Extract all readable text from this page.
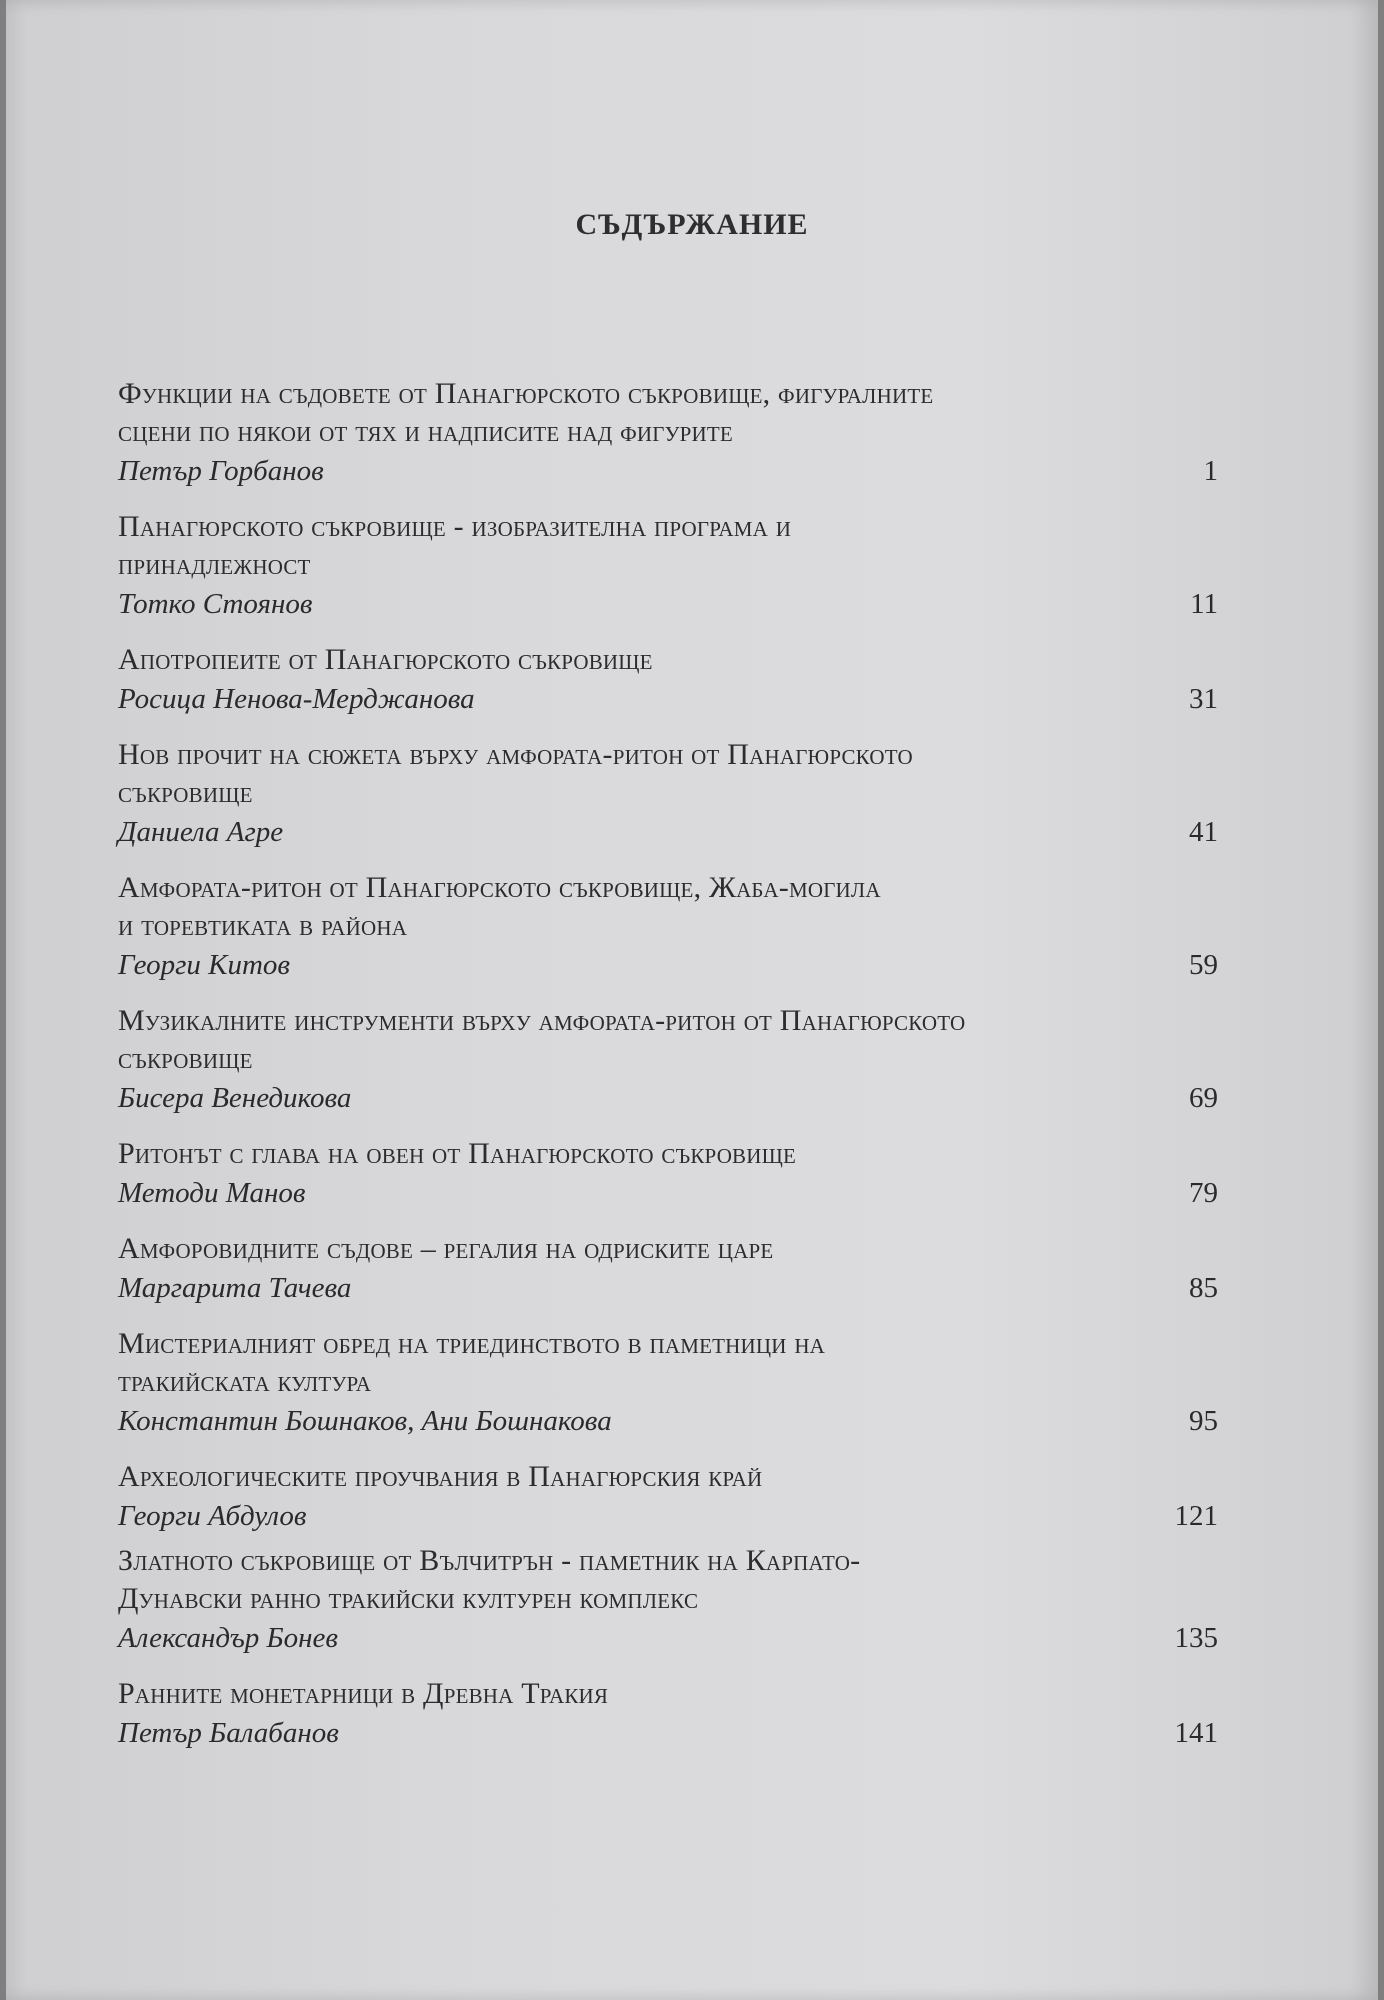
СЪДЪРЖАНИЕ
Функции на съдовете от Панагюрското съкровище, фигуралните
сцени по някои от тях и надписите над фигурите
Петър Горбанов	1
Панагюрското съкровище - изобразителна програма и
принадлежност
Тотко Стоянов	11
Апотропеите от Панагюрското съкровище
Росица Ненова-Мерджанова	31
Нов прочит на сюжета върху амфората-ритон от Панагюрското
съкровище
Даниела Агре	41
Амфората-ритон от Панагюрското съкровище, Жаба-могила
и торевтиката в района
Георги Китов	59
Музикалните инструменти върху амфората-ритон от Панагюрското
съкровище
Бисера Венедикова	69
Ритонът с глава на овен от Панагюрското съкровище
Методи Манов	79
Амфоровидните съдове – регалия на одриските царе
Маргарита Тачева	85
Мистериалният обред на триединството в паметници на
тракийската култура
Константин Бошнаков, Ани Бошнакова	95
Археологическите проучвания в Панагюрския край
Георги Абдулов	121
Златното съкровище от Вълчитрън - паметник на Карпато-
Дунавски ранно тракийски културен комплекс
Александър Бонев	135
Ранните монетарници в Древна Тракия
Петър Балабанов	141
